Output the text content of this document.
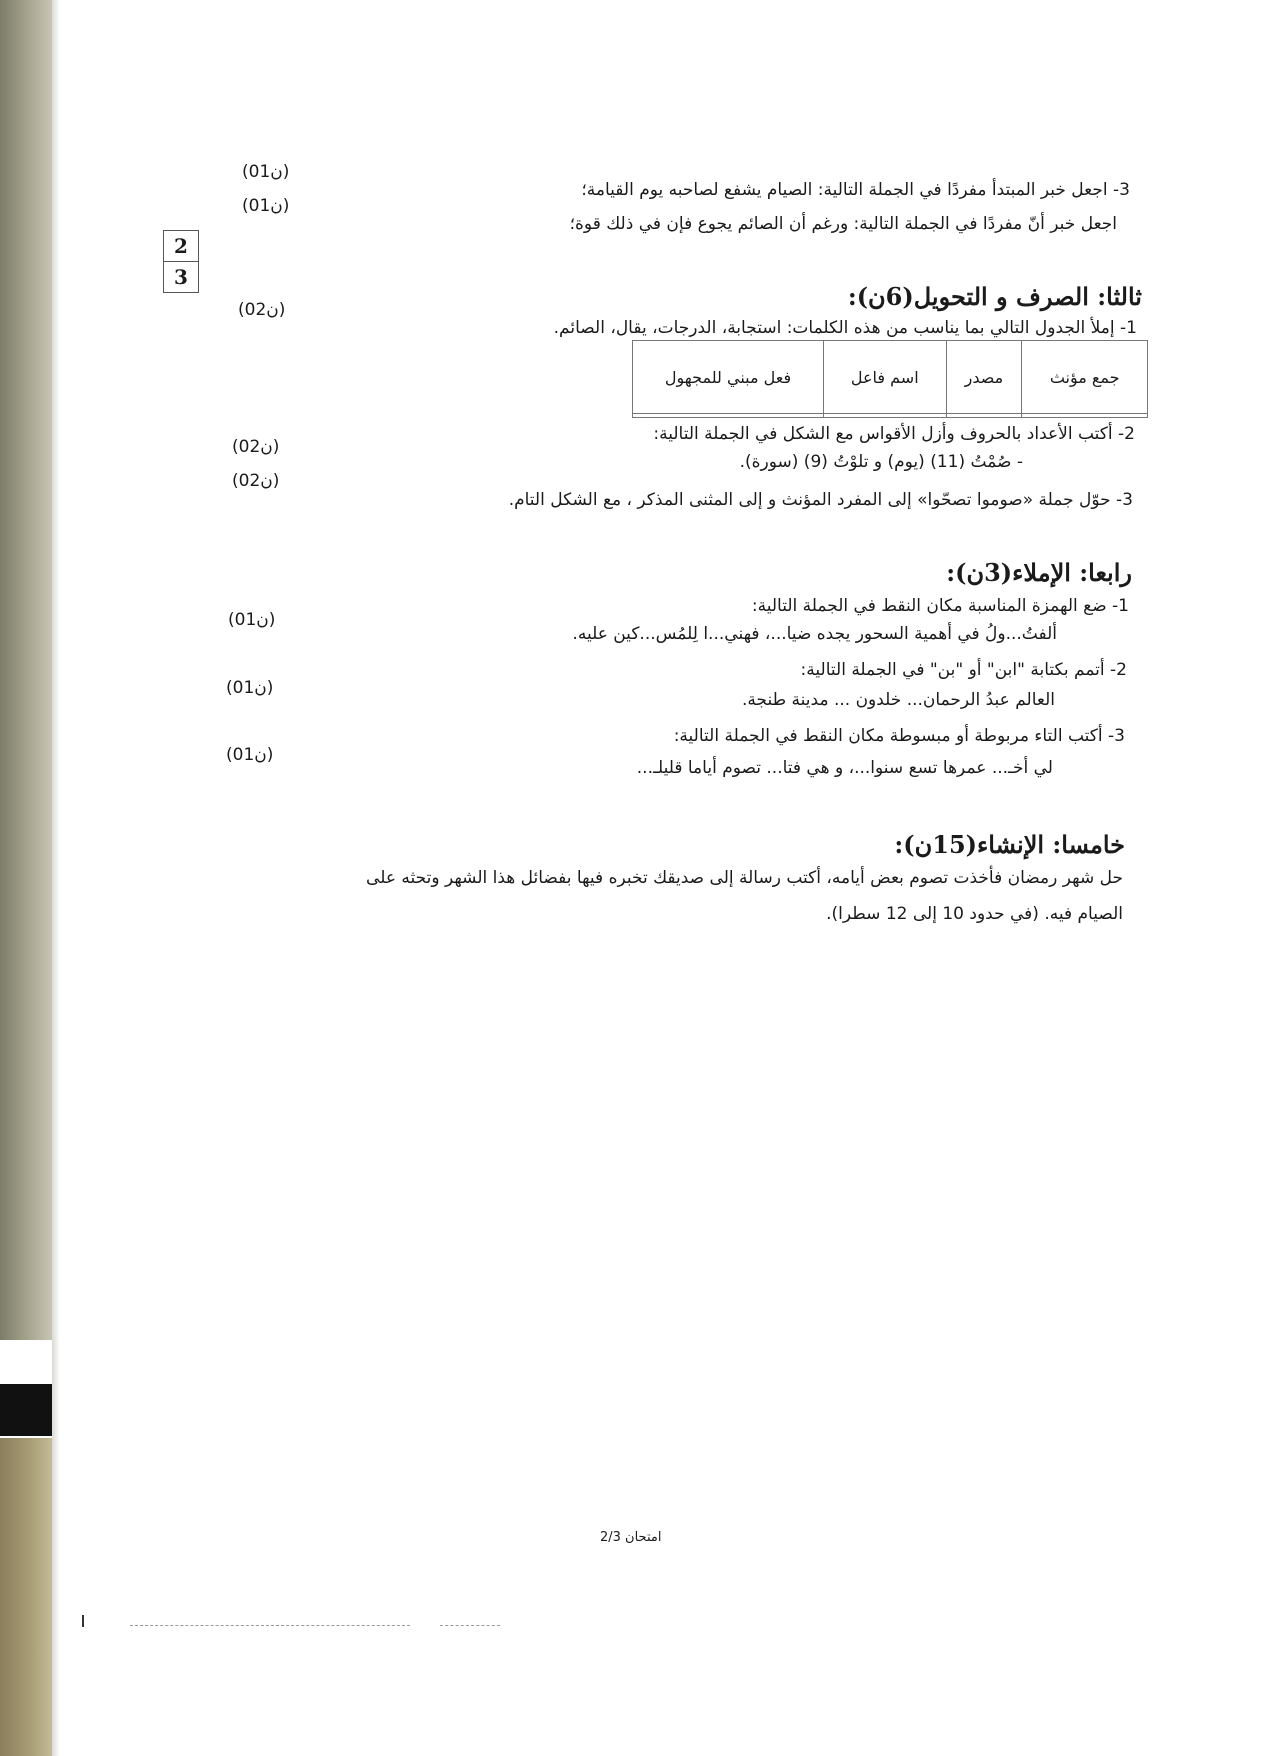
3- اجعل خبر المبتدأ مفردًا في الجملة التالية: الصيام يشفع لصاحبه يوم القيامة؛
(01ن)
اجعل خبر أنّ مفردًا في الجملة التالية: ورغم أن الصائم يجوع فإن في ذلك قوة؛
(01ن)
2
3
ثالثا: الصرف و التحويل(6ن):
1- إملأ الجدول التالي بما يناسب من هذه الكلمات: استجابة، الدرجات، يقال، الصائم.
(02ن)
جمع مؤنث	مصدر	اسم فاعل	فعل مبني للمجهول

2- أكتب الأعداد بالحروف وأزل الأقواس مع الشكل في الجملة التالية:
(02ن)
- صُمْتُ (11) (يوم) و تلوْتُ (9) (سورة).
3- حوّل جملة «صوموا تصحّوا» إلى المفرد المؤنث و إلى المثنى المذكر ، مع الشكل التام.
(02ن)
رابعا: الإملاء(3ن):
1- ضع الهمزة المناسبة مكان النقط في الجملة التالية:
(01ن)
ألفتُ...ولُ في أهمية السحور يجده ضيا...، فهني...ا لِلمُس...كين عليه.
2- أتمم بكتابة "ابن" أو "بن" في الجملة التالية:
(01ن)
العالم عبدُ الرحمان... خلدون ... مدينة طنجة.
3- أكتب التاء مربوطة أو مبسوطة مكان النقط في الجملة التالية:
(01ن)
لي أخـ... عمرها تسع سنوا...، و هي فتا... تصوم أياما قليلـ...
خامسا: الإنشاء(15ن):
حل شهر رمضان فأخذت تصوم بعض أيامه، أكتب رسالة إلى صديقك تخبره فيها بفضائل هذا الشهر وتحثه على
الصيام فيه. (في حدود 10 إلى 12 سطرا).
امتحان 2/3
